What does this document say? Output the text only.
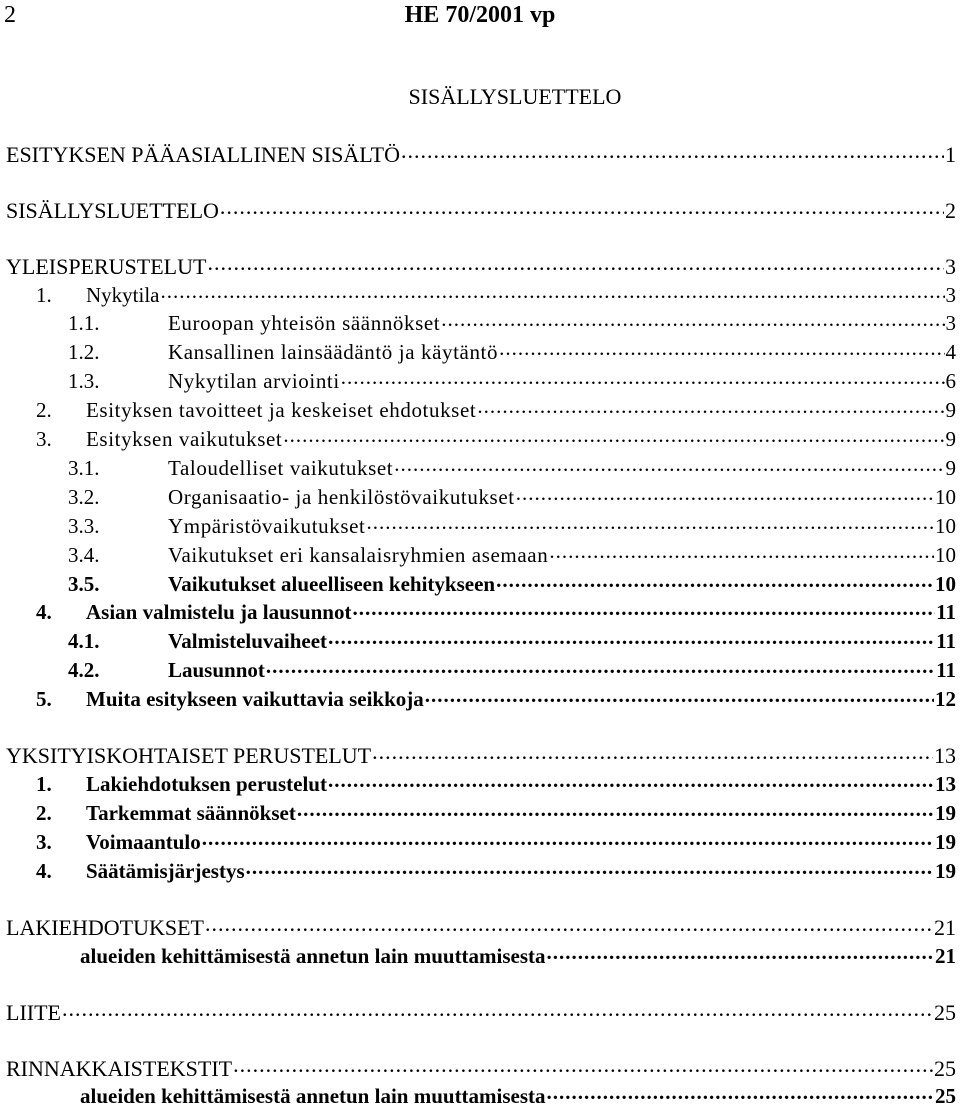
2	HE 70/2001 vp
SISÄLLYSLUETTELO
ESITYKSEN PÄÄASIALLINEN SISÄLTÖ .....	1
SISÄLLYSLUETTELO .....	2
YLEISPERUSTELUT .....	3
1.	Nykytila .....	3
1.1.	Euroopan yhteisön säännökset .....	3
1.2.	Kansallinen lainsäädäntö ja käytäntö .....	4
1.3.	Nykytilan arviointi .....	6
2.	Esityksen tavoitteet ja keskeiset ehdotukset .....	9
3.	Esityksen vaikutukset .....	9
3.1.	Taloudelliset vaikutukset .....	9
3.2.	Organisaatio- ja henkilöstövaikutukset .....	10
3.3.	Ympäristövaikutukset .....	10
3.4.	Vaikutukset eri kansalaisryhmien asemaan .....	10
3.5.	Vaikutukset alueelliseen kehitykseen .....	10
4.	Asian valmistelu ja lausunnot .....	11
4.1.	Valmisteluvaiheet .....	11
4.2.	Lausunnot .....	11
5.	Muita esitykseen vaikuttavia seikkoja .....	12
YKSITYISKOHTAISET PERUSTELUT .....	13
1.	Lakiehdotuksen perustelut .....	13
2.	Tarkemmat säännökset .....	19
3.	Voimaantulo .....	19
4.	Säätämisjärjestys .....	19
LAKIEHDOTUKSET .....	21
alueiden kehittämisestä annetun lain muuttamisesta .....	21
LIITE .....	25
RINNAKKAISTEKSTIT .....	25
alueiden kehittämisestä annetun lain muuttamisesta .....	25
